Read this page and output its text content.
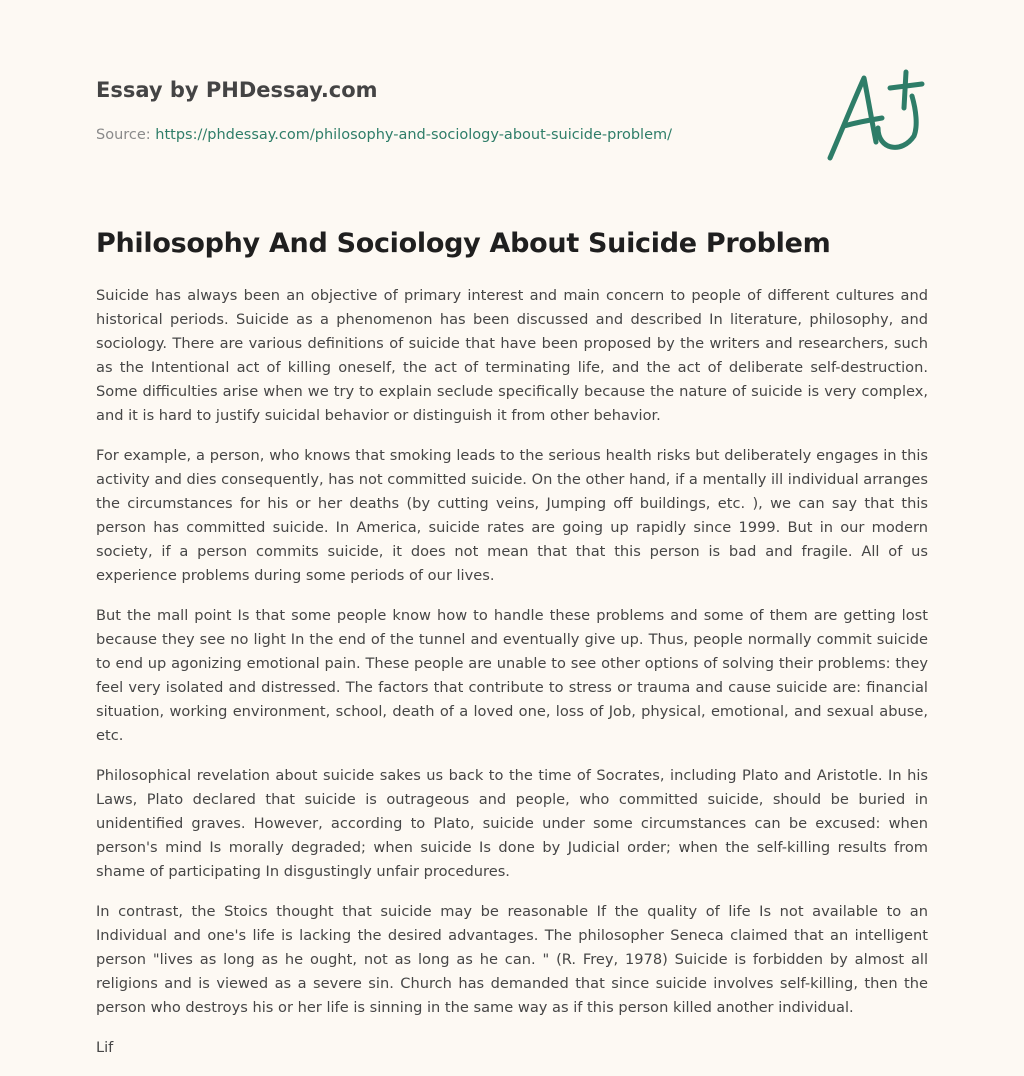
Essay by PHDessay.com
Source: https://phdessay.com/philosophy-and-sociology-about-suicide-problem/
Philosophy And Sociology About Suicide Problem

Suicide has always been an objective of primary interest and main concern to people of different cultures and historical periods. Suicide as a phenomenon has been discussed and described In literature, philosophy, and sociology. There are various definitions of suicide that have been proposed by the writers and researchers, such as the Intentional act of killing oneself, the act of terminating life, and the act of deliberate self-destruction. Some difficulties arise when we try to explain seclude specifically because the nature of suicide is very complex, and it is hard to justify suicidal behavior or distinguish it from other behavior.

For example, a person, who knows that smoking leads to the serious health risks but deliberately engages in this activity and dies consequently, has not committed suicide. On the other hand, if a mentally ill individual arranges the circumstances for his or her deaths (by cutting veins, Jumping off buildings, etc. ), we can say that this person has committed suicide. In America, suicide rates are going up rapidly since 1999. But in our modern society, if a person commits suicide, it does not mean that that this person is bad and fragile. All of us experience problems during some periods of our lives.

But the mall point Is that some people know how to handle these problems and some of them are getting lost because they see no light In the end of the tunnel and eventually give up. Thus, people normally commit suicide to end up agonizing emotional pain. These people are unable to see other options of solving their problems: they feel very isolated and distressed. The factors that contribute to stress or trauma and cause suicide are: financial situation, working environment, school, death of a loved one, loss of Job, physical, emotional, and sexual abuse, etc.

Philosophical revelation about suicide sakes us back to the time of Socrates, including Plato and Aristotle. In his Laws, Plato declared that suicide is outrageous and people, who committed suicide, should be buried in unidentified graves. However, according to Plato, suicide under some circumstances can be excused: when person's mind Is morally degraded; when suicide Is done by Judicial order; when the self-killing results from shame of participating In disgustingly unfair procedures.

In contrast, the Stoics thought that suicide may be reasonable If the quality of life Is not available to an Individual and one's life is lacking the desired advantages. The philosopher Seneca claimed that an intelligent person "lives as long as he ought, not as long as he can. " (R. Frey, 1978) Suicide is forbidden by almost all religions and is viewed as a severe sin. Church has demanded that since suicide involves self-killing, then the person who destroys his or her life is sinning in the same way as if this person killed another individual.

Lif
